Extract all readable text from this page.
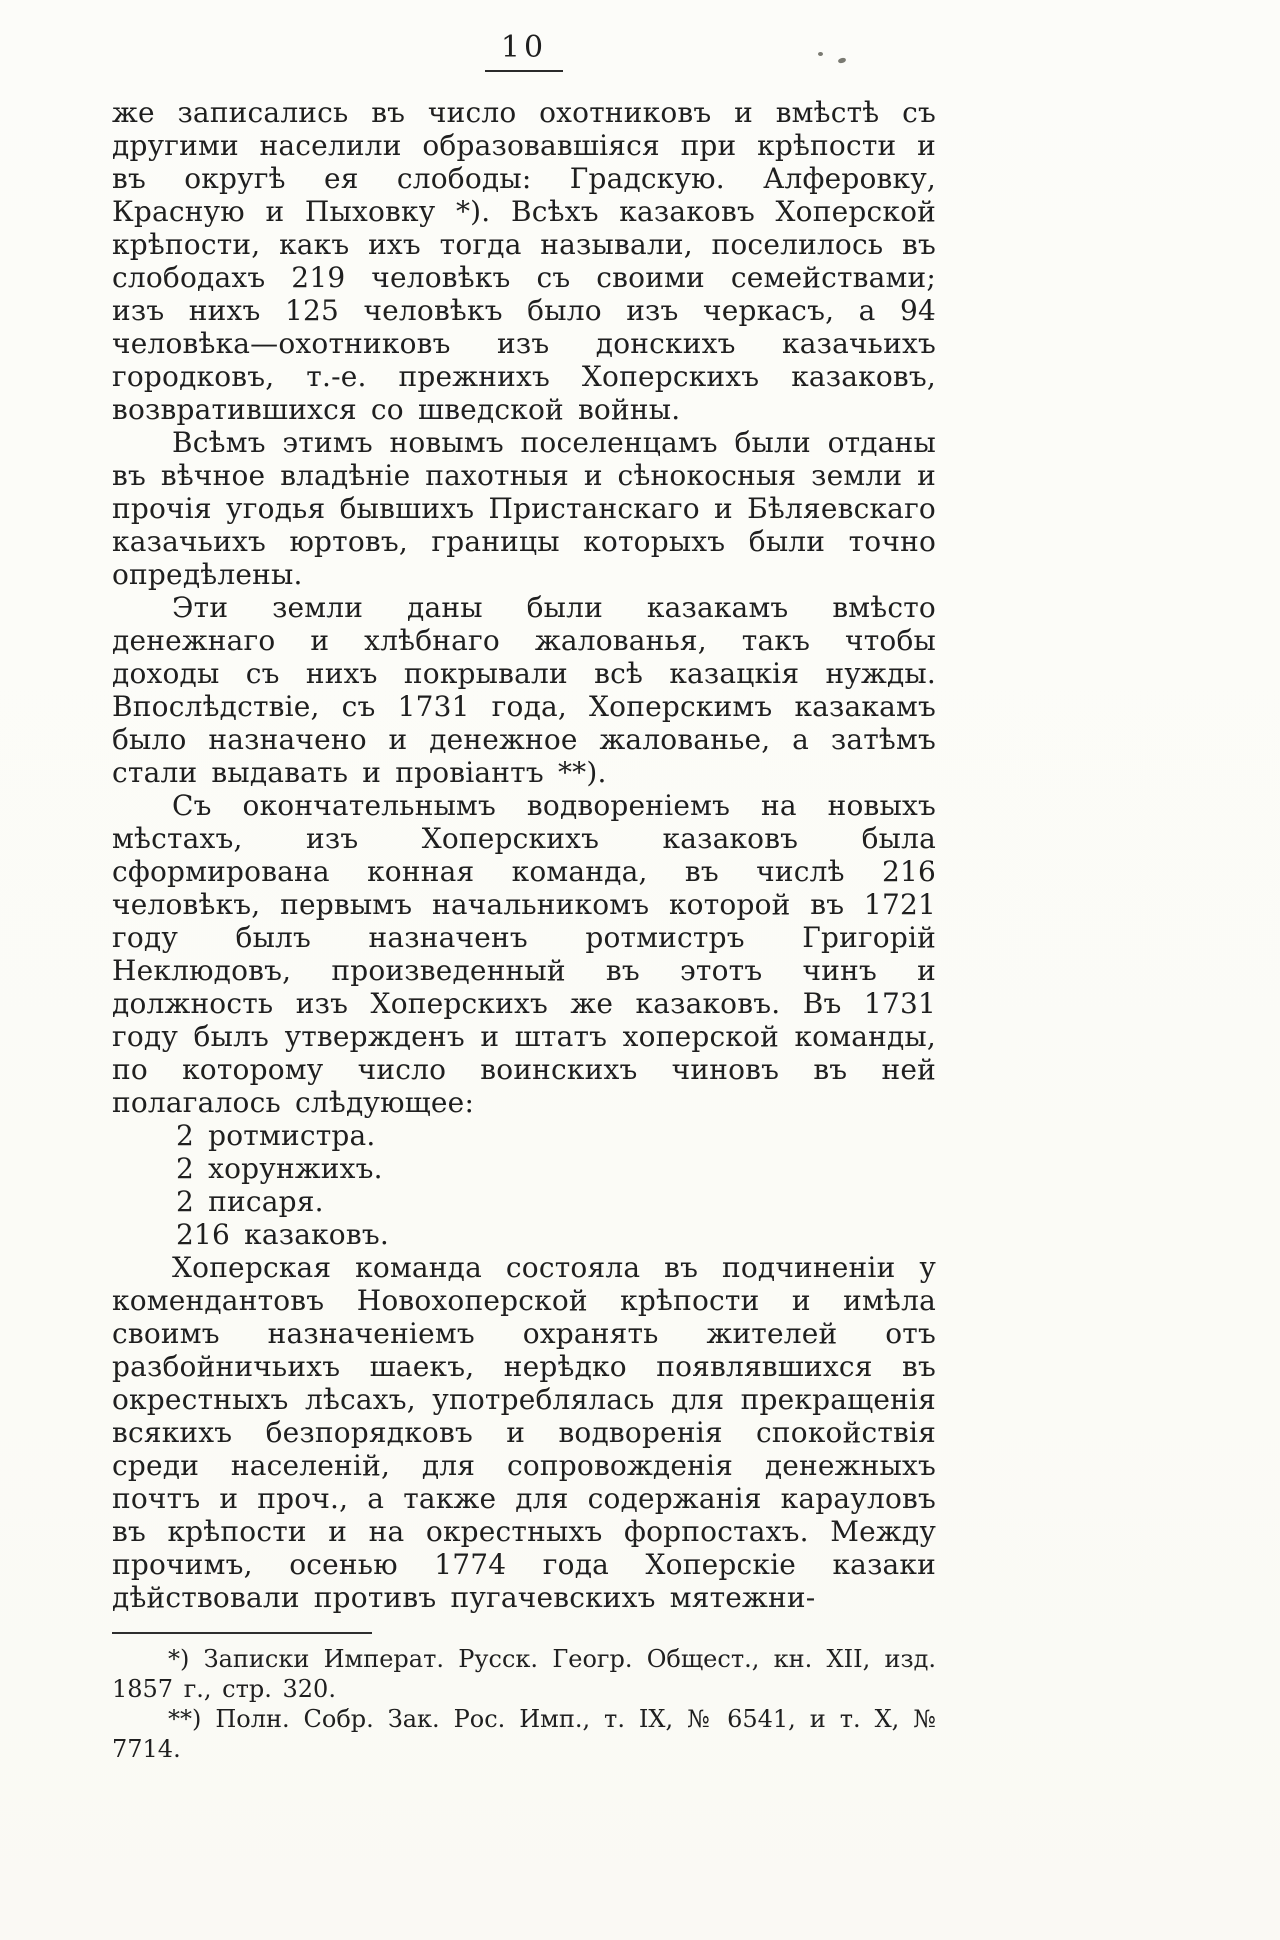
10

же записались въ число охотниковъ и вмѣстѣ съ другими населили образовавшіяся при крѣпости и въ округѣ ея слободы: Градскую. Алферовку, Красную и Пыховку *). Всѣхъ казаковъ Хоперской крѣпости, какъ ихъ тогда называли, поселилось въ слободахъ 219 человѣкъ съ своими семействами; изъ нихъ 125 человѣкъ было изъ черкасъ, а 94 человѣка—охотниковъ изъ донскихъ казачьихъ городковъ, т.-е. прежнихъ Хоперскихъ казаковъ, возвратившихся со шведской войны.

Всѣмъ этимъ новымъ поселенцамъ были отданы въ вѣчное владѣніе пахотныя и сѣнокосныя земли и прочія угодья бывшихъ Пристанскаго и Бѣляевскаго казачьихъ юртовъ, границы которыхъ были точно опредѣлены.

Эти земли даны были казакамъ вмѣсто денежнаго и хлѣбнаго жалованья, такъ чтобы доходы съ нихъ покрывали всѣ казацкія нужды. Впослѣдствіе, съ 1731 года, Хоперскимъ казакамъ было назначено и денежное жалованье, а затѣмъ стали выдавать и провіантъ **).

Съ окончательнымъ водвореніемъ на новыхъ мѣстахъ, изъ Хоперскихъ казаковъ была сформирована конная команда, въ числѣ 216 человѣкъ, первымъ начальникомъ которой въ 1721 году былъ назначенъ ротмистръ Григорій Неклюдовъ, произведенный въ этотъ чинъ и должность изъ Хоперскихъ же казаковъ. Въ 1731 году былъ утвержденъ и штатъ хоперской команды, по которому число воинскихъ чиновъ въ ней полагалось слѣдующее:

2 ротмистра.
2 хорунжихъ.
2 писаря.
216 казаковъ.

Хоперская команда состояла въ подчиненіи у комендантовъ Новохоперской крѣпости и имѣла своимъ назначеніемъ охранять жителей отъ разбойничьихъ шаекъ, нерѣдко появлявшихся въ окрестныхъ лѣсахъ, употреблялась для прекращенія всякихъ безпорядковъ и водворенія спокойствія среди населеній, для сопровожденія денежныхъ почтъ и проч., а также для содержанія карауловъ въ крѣпости и на окрестныхъ форпостахъ. Между прочимъ, осенью 1774 года Хоперскіе казаки дѣйствовали противъ пугачевскихъ мятежни-

*) Записки Императ. Русск. Геогр. Общест., кн. XII, изд. 1857 г., стр. 320.

**) Полн. Собр. Зак. Рос. Имп., т. IX, № 6541, и т. X, № 7714.
